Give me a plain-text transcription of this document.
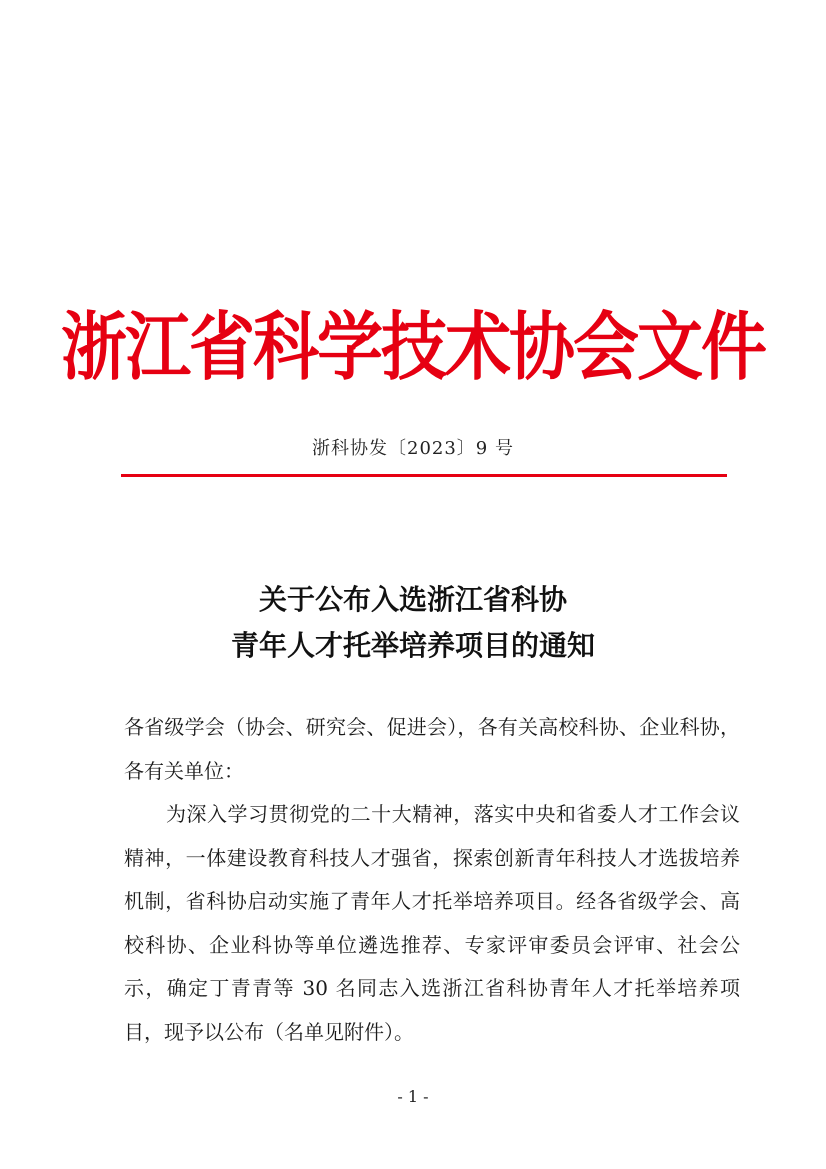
浙江省科学技术协会文件
浙科协发〔2023〕9 号
关于公布入选浙江省科协
青年人才托举培养项目的通知

各省级学会（协会、研究会、促进会），各有关高校科协、企业科协，各有关单位：

为深入学习贯彻党的二十大精神，落实中央和省委人才工作会议精神，一体建设教育科技人才强省，探索创新青年科技人才选拔培养机制，省科协启动实施了青年人才托举培养项目。经各省级学会、高校科协、企业科协等单位遴选推荐、专家评审委员会评审、社会公示，确定丁青青等 30 名同志入选浙江省科协青年人才托举培养项目，现予以公布（名单见附件）。

- 1 -
